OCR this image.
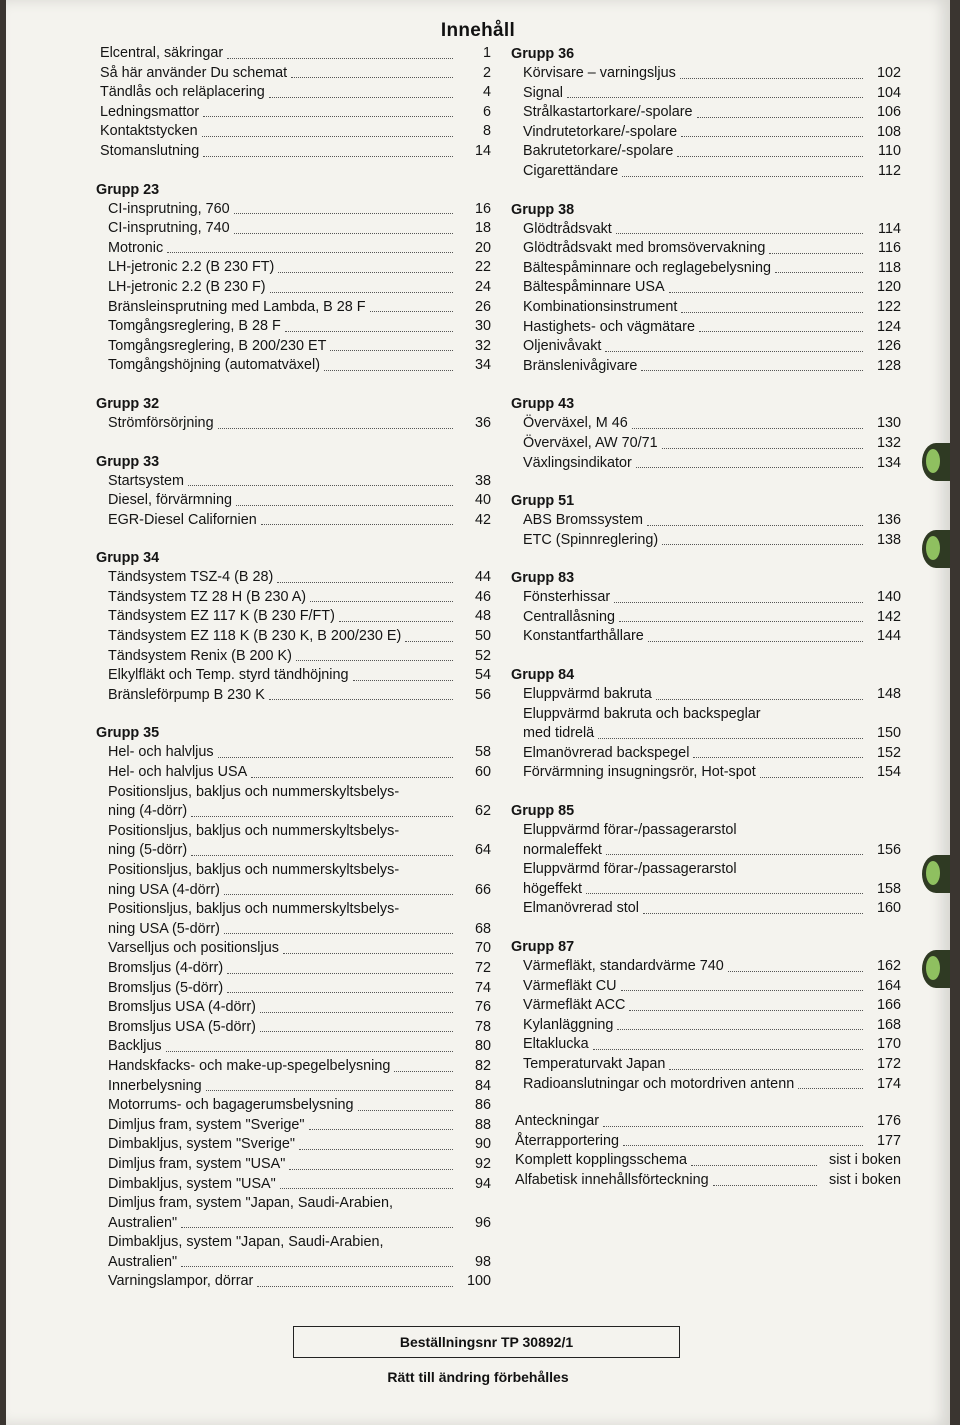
Innehåll
Elcentral, säkringar	1
Så här använder Du schemat	2
Tändlås och reläplacering	4
Ledningsmattor	6
Kontaktstycken	8
Stomanslutning	14
Grupp 23
CI-insprutning, 760	16
CI-insprutning, 740	18
Motronic	20
LH-jetronic 2.2 (B 230 FT)	22
LH-jetronic 2.2 (B 230 F)	24
Bränsleinsprutning med Lambda, B 28 F	26
Tomgångsreglering, B 28 F	30
Tomgångsreglering, B 200/230 ET	32
Tomgångshöjning (automatväxel)	34
Grupp 32
Strömförsörjning	36
Grupp 33
Startsystem	38
Diesel, förvärmning	40
EGR-Diesel Californien	42
Grupp 34
Tändsystem TSZ-4 (B 28)	44
Tändsystem TZ 28 H (B 230 A)	46
Tändsystem EZ 117 K (B 230 F/FT)	48
Tändsystem EZ 118 K (B 230 K, B 200/230 E)	50
Tändsystem Renix (B 200 K)	52
Elkylfläkt och Temp. styrd tändhöjning	54
Bränsleförpump B 230 K	56
Grupp 35
Hel- och halvljus	58
Hel- och halvljus USA	60
Positionsljus, bakljus och nummerskyltsbelys-
ning (4-dörr)	62
Positionsljus, bakljus och nummerskyltsbelys-
ning (5-dörr)	64
Positionsljus, bakljus och nummerskyltsbelys-
ning USA (4-dörr)	66
Positionsljus, bakljus och nummerskyltsbelys-
ning USA (5-dörr)	68
Varselljus och positionsljus	70
Bromsljus (4-dörr)	72
Bromsljus (5-dörr)	74
Bromsljus USA (4-dörr)	76
Bromsljus USA (5-dörr)	78
Backljus	80
Handskfacks- och make-up-spegelbelysning	82
Innerbelysning	84
Motorrums- och bagagerumsbelysning	86
Dimljus fram, system "Sverige"	88
Dimbakljus, system "Sverige"	90
Dimljus fram, system "USA"	92
Dimbakljus, system "USA"	94
Dimljus fram, system "Japan, Saudi-Arabien,
Australien"	96
Dimbakljus, system "Japan, Saudi-Arabien,
Australien"	98
Varningslampor, dörrar	100
Grupp 36
Körvisare – varningsljus	102
Signal	104
Strålkastartorkare/-spolare	106
Vindrutetorkare/-spolare	108
Bakrutetorkare/-spolare	110
Cigarettändare	112
Grupp 38
Glödtrådsvakt	114
Glödtrådsvakt med bromsövervakning	116
Bältespåminnare och reglagebelysning	118
Bältespåminnare USA	120
Kombinationsinstrument	122
Hastighets- och vägmätare	124
Oljenivåvakt	126
Bränslenivågivare	128
Grupp 43
Överväxel, M 46	130
Överväxel, AW 70/71	132
Växlingsindikator	134
Grupp 51
ABS Bromssystem	136
ETC (Spinnreglering)	138
Grupp 83
Fönsterhissar	140
Centrallåsning	142
Konstantfarthållare	144
Grupp 84
Eluppvärmd bakruta	148
Eluppvärmd bakruta och backspeglar
med tidrelä	150
Elmanövrerad backspegel	152
Förvärmning insugningsrör, Hot-spot	154
Grupp 85
Eluppvärmd förar-/passagerarstol
normaleffekt	156
Eluppvärmd förar-/passagerarstol
högeffekt	158
Elmanövrerad stol	160
Grupp 87
Värmefläkt, standardvärme 740	162
Värmefläkt CU	164
Värmefläkt ACC	166
Kylanläggning	168
Eltaklucka	170
Temperaturvakt Japan	172
Radioanslutningar och motordriven antenn	174
Anteckningar	176
Återrapportering	177
Komplett kopplingsschema	sist i boken
Alfabetisk innehållsförteckning	sist i boken
Beställningsnr TP 30892/1
Rätt till ändring förbehålles
